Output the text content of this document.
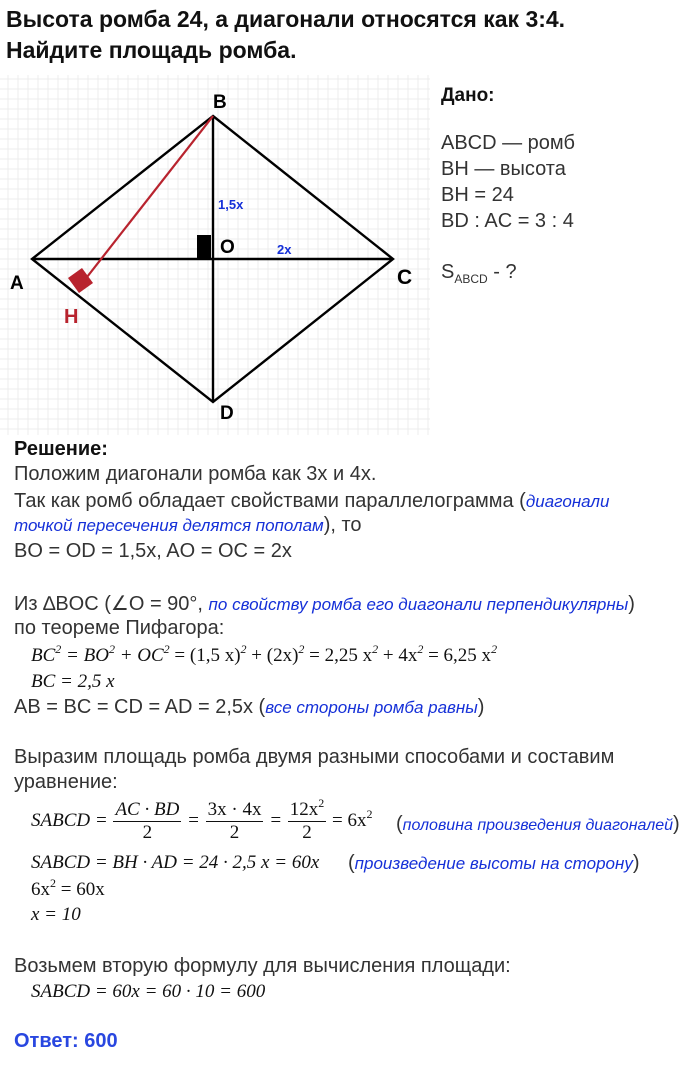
Высота ромба 24, а диагонали относятся как 3:4.
Найдите площадь ромба.
B
A	C
D
O
H
1,5x
2x
Дано:
ABCD — ромб
BH — высота
BH = 24
BD : AC = 3 : 4
$S_{ABCD}$ - ?
Решение:
Положим диагонали ромба как 3x и 4x.
Так как ромб обладает свойствами параллелограмма (диагонали
точкой пересечения делятся пополам), то
BO = OD = 1,5x, AO = OC = 2x
Из ∆BOC (∠O = 90°, по свойству ромба его диагонали перпендикулярны)
по теореме Пифагора:
$BC^2 = BO^2 + OC^2 = (1,5$ $x)^2 + (2x)^2 = 2,25$ $x^2 + 4x^2 = 6,25$ $x^2$
BC = 2,5 x
AB = BC = CD = AD = 2,5x (все стороны ромба равны)
Выразим площадь ромба двумя разными способами и составим
уравнение:
SABCD = $\frac{AC \cdot BD}{2} = \frac{3x \cdot 4x}{2} = \frac{12x^2}{2} = 6x^2$ (половина произведения диагоналей)
SABCD = BH · AD = 24 · 2,5 x = 60x (произведение высоты на сторону)
$6x^2 = 60x$
x = 10
Возьмем вторую формулу для вычисления площади:
SABCD = 60x = 60 · 10 = 600
Ответ: 600
